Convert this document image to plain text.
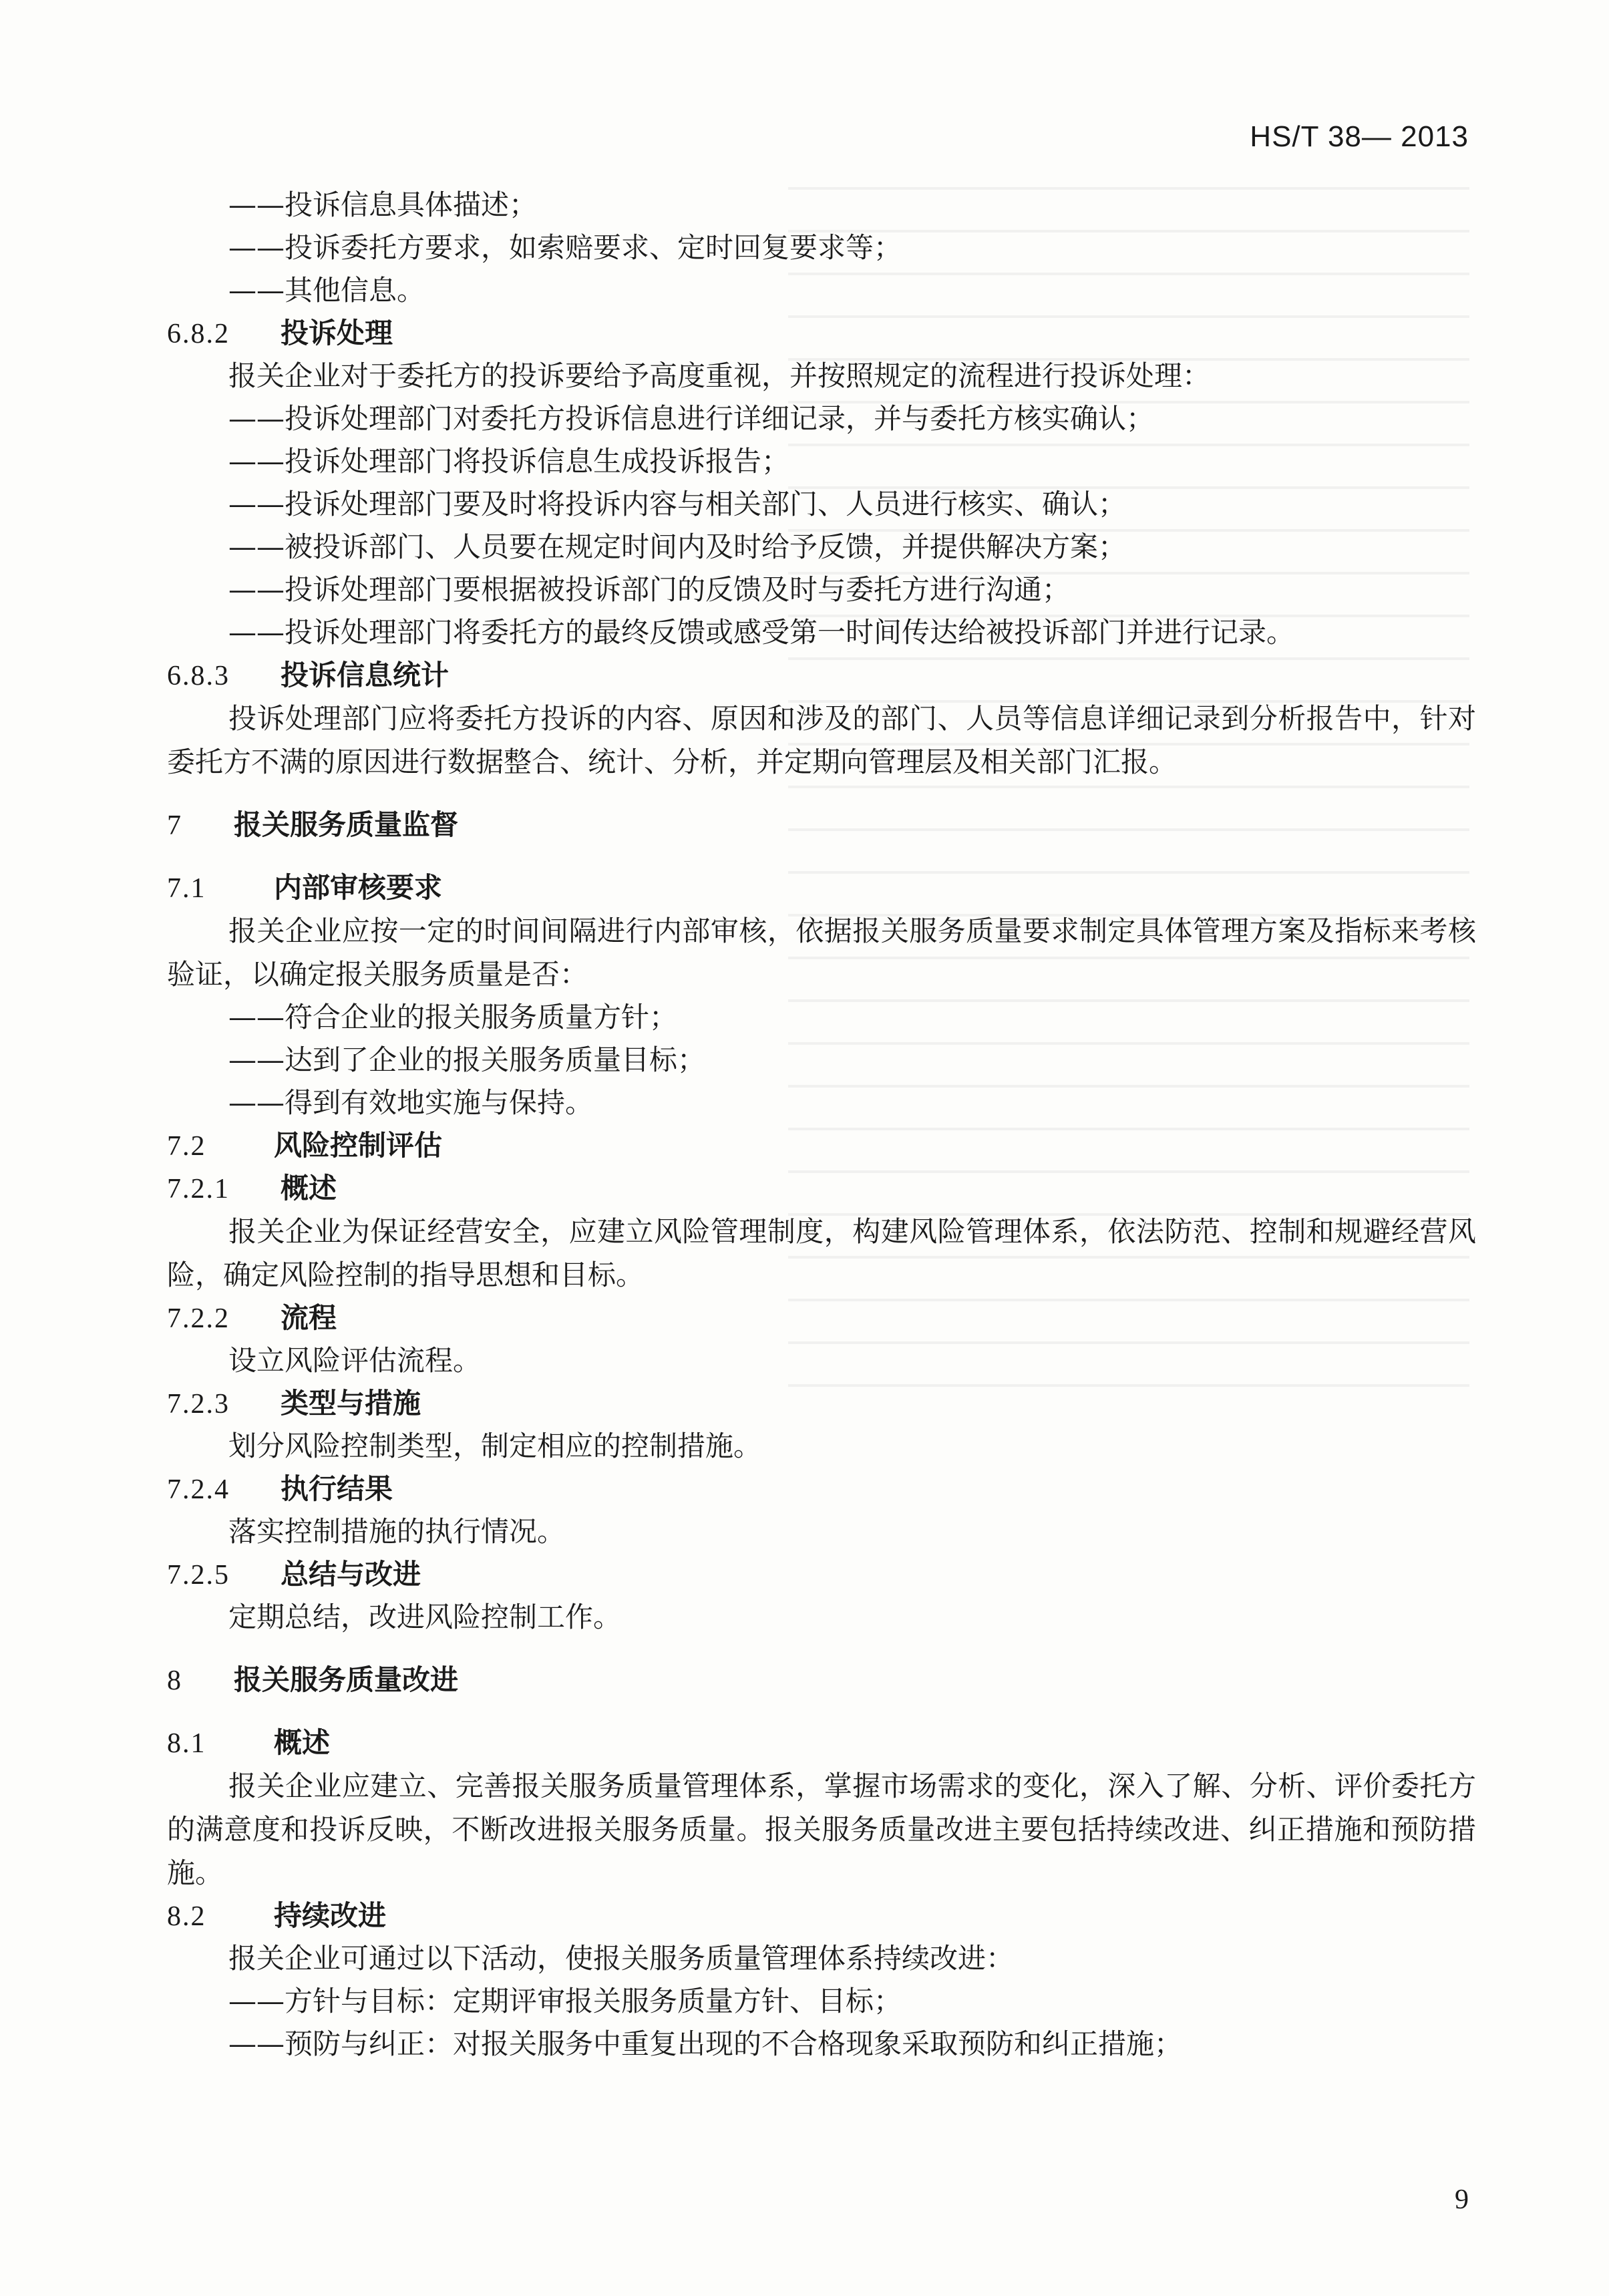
HS/T 38— 2013
——投诉信息具体描述；
——投诉委托方要求，如索赔要求、定时回复要求等；
——其他信息。
6.8.2 投诉处理
报关企业对于委托方的投诉要给予高度重视，并按照规定的流程进行投诉处理：
——投诉处理部门对委托方投诉信息进行详细记录，并与委托方核实确认；
——投诉处理部门将投诉信息生成投诉报告；
——投诉处理部门要及时将投诉内容与相关部门、人员进行核实、确认；
——被投诉部门、人员要在规定时间内及时给予反馈，并提供解决方案；
——投诉处理部门要根据被投诉部门的反馈及时与委托方进行沟通；
——投诉处理部门将委托方的最终反馈或感受第一时间传达给被投诉部门并进行记录。
6.8.3 投诉信息统计
投诉处理部门应将委托方投诉的内容、原因和涉及的部门、人员等信息详细记录到分析报告中，针对委托方不满的原因进行数据整合、统计、分析，并定期向管理层及相关部门汇报。
7 报关服务质量监督
7.1 内部审核要求
报关企业应按一定的时间间隔进行内部审核，依据报关服务质量要求制定具体管理方案及指标来考核验证，以确定报关服务质量是否：
——符合企业的报关服务质量方针；
——达到了企业的报关服务质量目标；
——得到有效地实施与保持。
7.2 风险控制评估
7.2.1 概述
报关企业为保证经营安全，应建立风险管理制度，构建风险管理体系，依法防范、控制和规避经营风险，确定风险控制的指导思想和目标。
7.2.2 流程
设立风险评估流程。
7.2.3 类型与措施
划分风险控制类型，制定相应的控制措施。
7.2.4 执行结果
落实控制措施的执行情况。
7.2.5 总结与改进
定期总结，改进风险控制工作。
8 报关服务质量改进
8.1 概述
报关企业应建立、完善报关服务质量管理体系，掌握市场需求的变化，深入了解、分析、评价委托方的满意度和投诉反映，不断改进报关服务质量。报关服务质量改进主要包括持续改进、纠正措施和预防措施。
8.2 持续改进
报关企业可通过以下活动，使报关服务质量管理体系持续改进：
——方针与目标：定期评审报关服务质量方针、目标；
——预防与纠正：对报关服务中重复出现的不合格现象采取预防和纠正措施；
9
